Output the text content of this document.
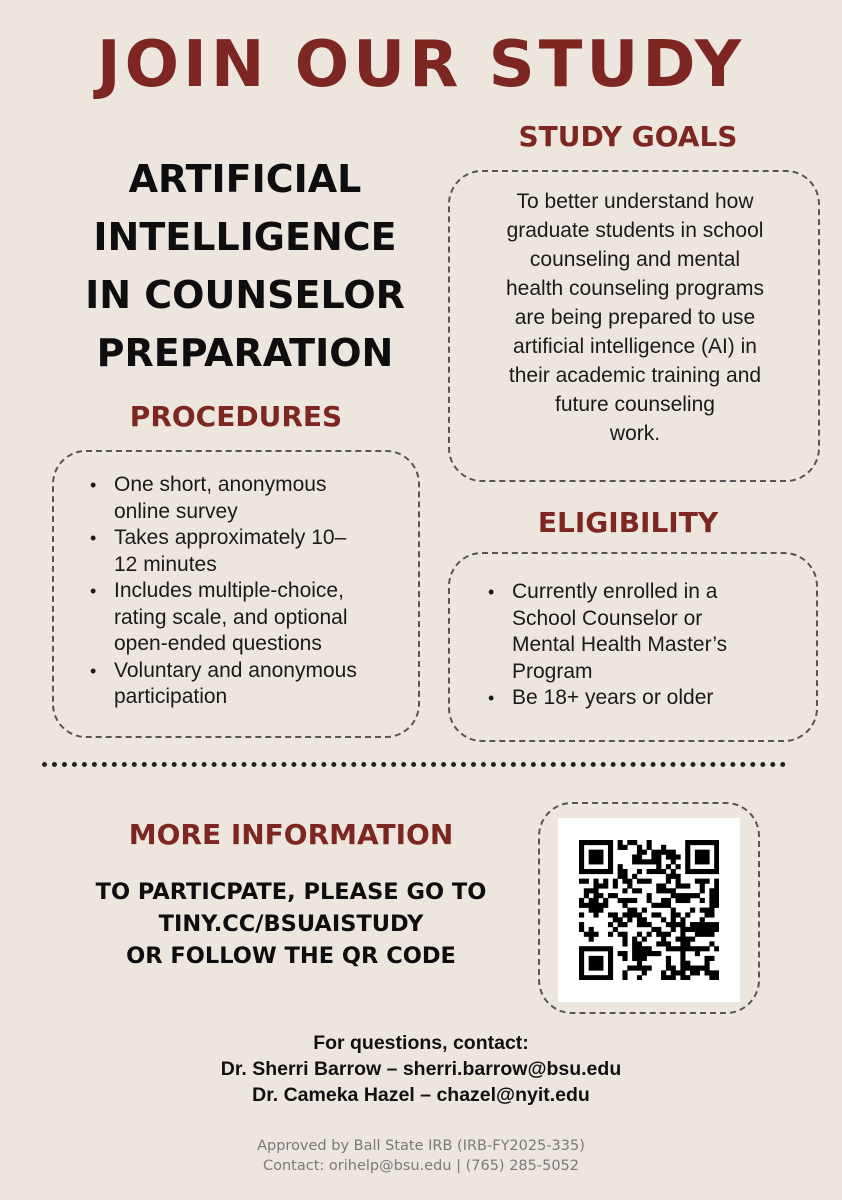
JOIN OUR STUDY
ARTIFICIAL
INTELLIGENCE
IN COUNSELOR
PREPARATION
STUDY GOALS
To better understand how
graduate students in school
counseling and mental
health counseling programs
are being prepared to use
artificial intelligence (AI) in
their academic training and
future counseling
work.
PROCEDURES
• One short, anonymous
online survey
• Takes approximately 10–
12 minutes
• Includes multiple-choice,
rating scale, and optional
open-ended questions
• Voluntary and anonymous
participation
ELIGIBILITY
• Currently enrolled in a
School Counselor or
Mental Health Master’s
Program
• Be 18+ years or older
MORE INFORMATION
TO PARTICPATE, PLEASE GO TO
TINY.CC/BSUAISTUDY
OR FOLLOW THE QR CODE
For questions, contact:
Dr. Sherri Barrow – sherri.barrow@bsu.edu
Dr. Cameka Hazel – chazel@nyit.edu
Approved by Ball State IRB (IRB-FY2025-335)
Contact: orihelp@bsu.edu | (765) 285-5052
